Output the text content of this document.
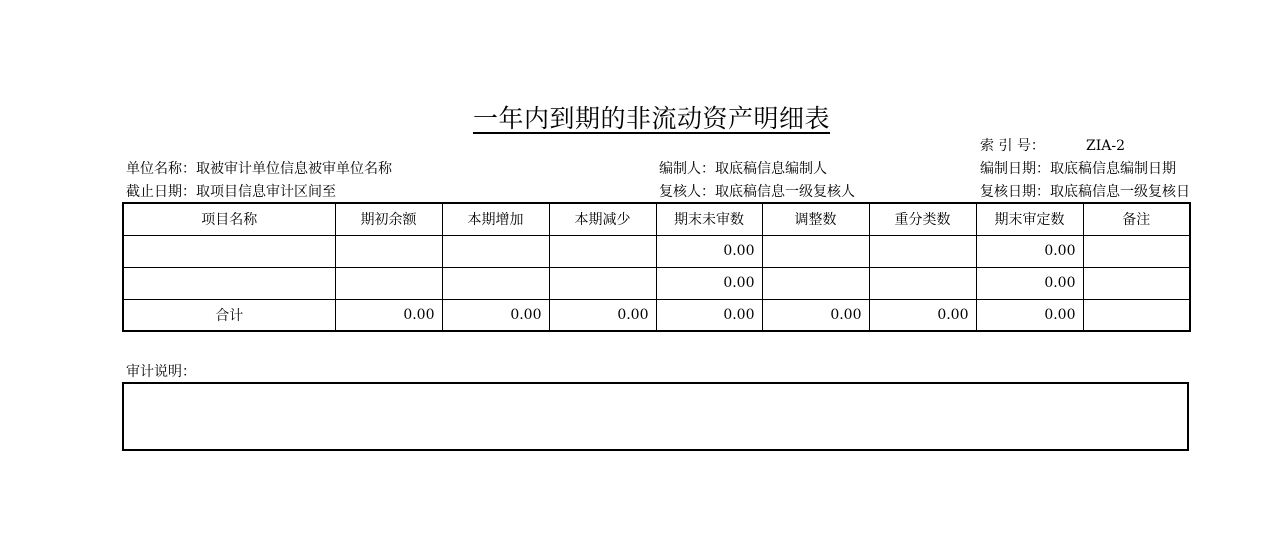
一年内到期的非流动资产明细表
索 引 号：	ZIA-2
单位名称：取被审计单位信息被审单位名称
截止日期：取项目信息审计区间至
编制人：取底稿信息编制人
复核人：取底稿信息一级复核人
编制日期：取底稿信息编制日期
复核日期：取底稿信息一级复核日
项目名称	期初余额	本期增加	本期减少	期末未审数	调整数	重分类数	期末审定数	备注
				0.00			0.00	
				0.00			0.00	
合计	0.00	0.00	0.00	0.00	0.00	0.00	0.00	
审计说明：
